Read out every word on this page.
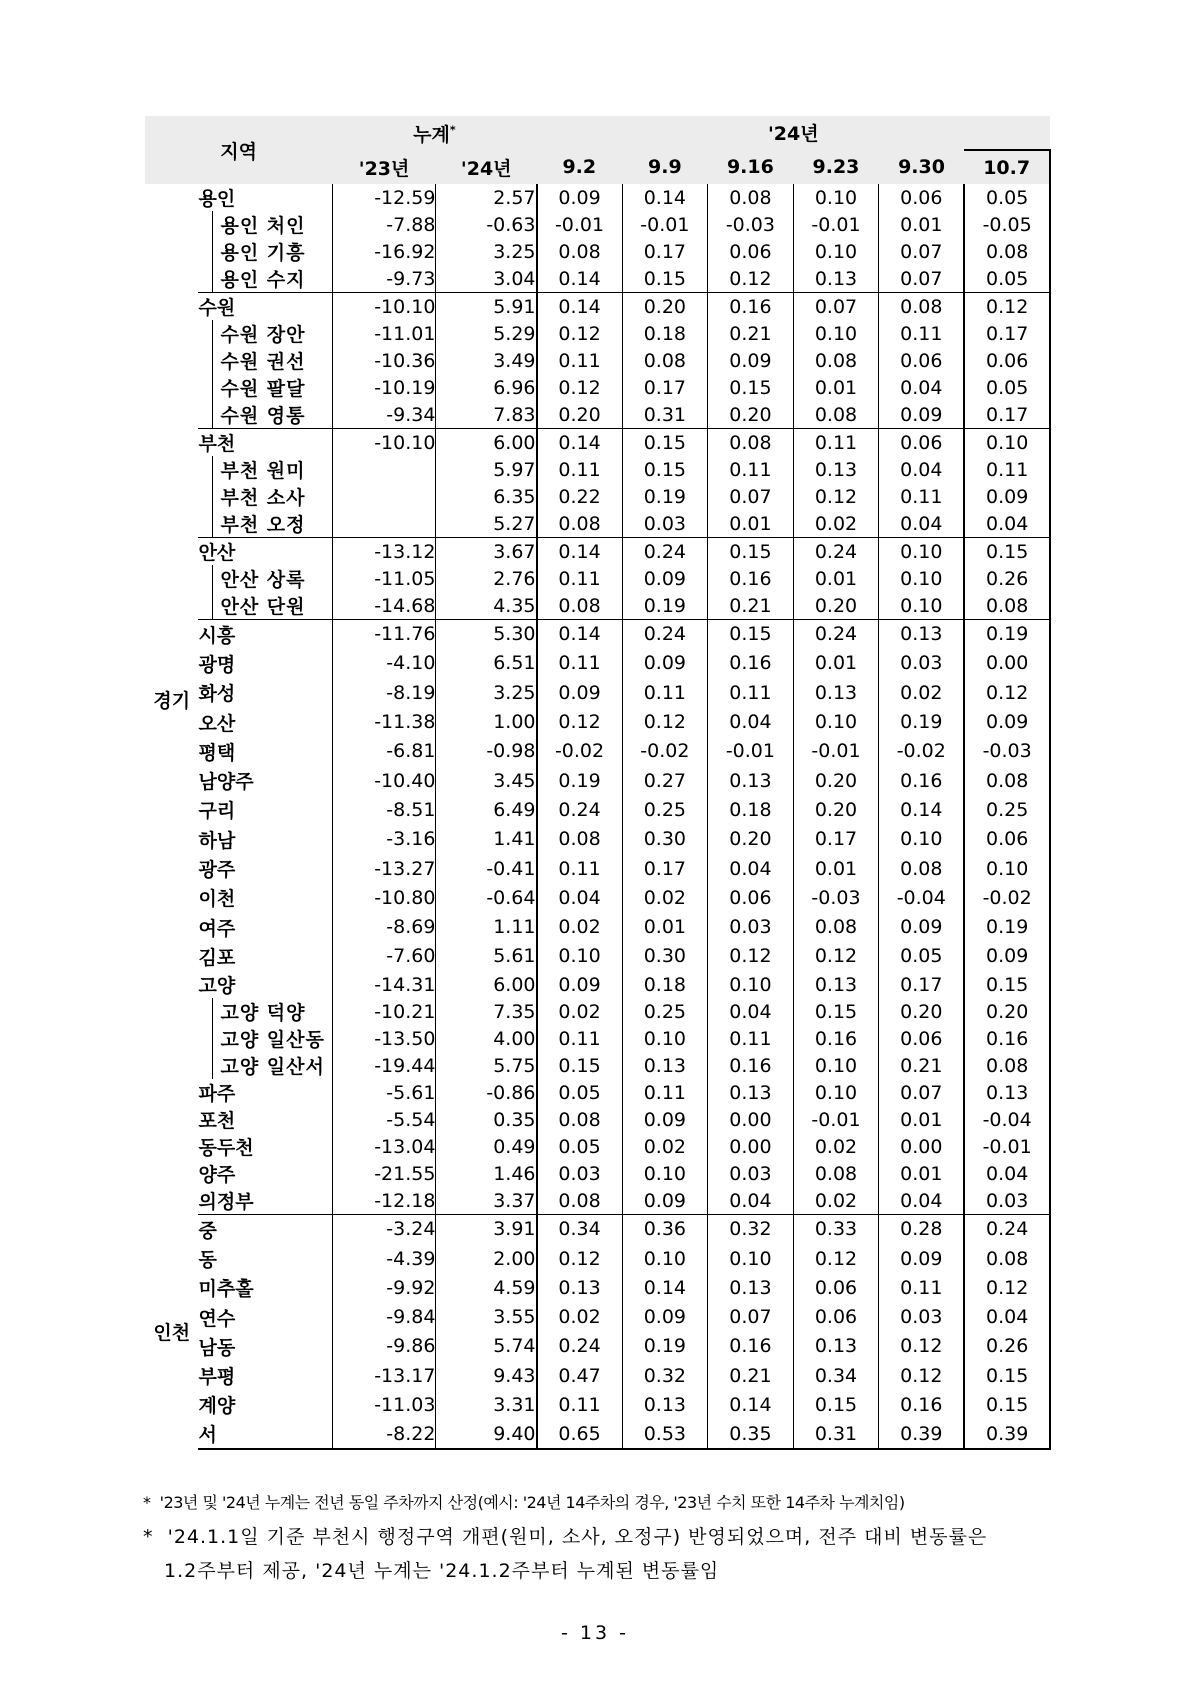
지역		누계*		'24년					
		'23년	'24년	9.2	9.9	9.16	9.23	9.30	10.7
경기	용인	-12.59	2.57	0.09	0.14	0.08	0.10	0.06	0.05
	용인 처인	-7.88	-0.63	-0.01	-0.01	-0.03	-0.01	0.01	-0.05
	용인 기흥	-16.92	3.25	0.08	0.17	0.06	0.10	0.07	0.08
	용인 수지	-9.73	3.04	0.14	0.15	0.12	0.13	0.07	0.05
	수원	-10.10	5.91	0.14	0.20	0.16	0.07	0.08	0.12
	수원 장안	-11.01	5.29	0.12	0.18	0.21	0.10	0.11	0.17
	수원 권선	-10.36	3.49	0.11	0.08	0.09	0.08	0.06	0.06
	수원 팔달	-10.19	6.96	0.12	0.17	0.15	0.01	0.04	0.05
	수원 영통	-9.34	7.83	0.20	0.31	0.20	0.08	0.09	0.17
	부천	-10.10	6.00	0.14	0.15	0.08	0.11	0.06	0.10
	부천 원미		5.97	0.11	0.15	0.11	0.13	0.04	0.11
	부천 소사		6.35	0.22	0.19	0.07	0.12	0.11	0.09
	부천 오정		5.27	0.08	0.03	0.01	0.02	0.04	0.04
	안산	-13.12	3.67	0.14	0.24	0.15	0.24	0.10	0.15
	안산 상록	-11.05	2.76	0.11	0.09	0.16	0.01	0.10	0.26
	안산 단원	-14.68	4.35	0.08	0.19	0.21	0.20	0.10	0.08
	시흥	-11.76	5.30	0.14	0.24	0.15	0.24	0.13	0.19
	광명	-4.10	6.51	0.11	0.09	0.16	0.01	0.03	0.00
	화성	-8.19	3.25	0.09	0.11	0.11	0.13	0.02	0.12
	오산	-11.38	1.00	0.12	0.12	0.04	0.10	0.19	0.09
	평택	-6.81	-0.98	-0.02	-0.02	-0.01	-0.01	-0.02	-0.03
	남양주	-10.40	3.45	0.19	0.27	0.13	0.20	0.16	0.08
	구리	-8.51	6.49	0.24	0.25	0.18	0.20	0.14	0.25
	하남	-3.16	1.41	0.08	0.30	0.20	0.17	0.10	0.06
	광주	-13.27	-0.41	0.11	0.17	0.04	0.01	0.08	0.10
	이천	-10.80	-0.64	0.04	0.02	0.06	-0.03	-0.04	-0.02
	여주	-8.69	1.11	0.02	0.01	0.03	0.08	0.09	0.19
	김포	-7.60	5.61	0.10	0.30	0.12	0.12	0.05	0.09
	고양	-14.31	6.00	0.09	0.18	0.10	0.13	0.17	0.15
	고양 덕양	-10.21	7.35	0.02	0.25	0.04	0.15	0.20	0.20
	고양 일산동	-13.50	4.00	0.11	0.10	0.11	0.16	0.06	0.16
	고양 일산서	-19.44	5.75	0.15	0.13	0.16	0.10	0.21	0.08
	파주	-5.61	-0.86	0.05	0.11	0.13	0.10	0.07	0.13
	포천	-5.54	0.35	0.08	0.09	0.00	-0.01	0.01	-0.04
	동두천	-13.04	0.49	0.05	0.02	0.00	0.02	0.00	-0.01
	양주	-21.55	1.46	0.03	0.10	0.03	0.08	0.01	0.04
	의정부	-12.18	3.37	0.08	0.09	0.04	0.02	0.04	0.03
인천	중	-3.24	3.91	0.34	0.36	0.32	0.33	0.28	0.24
	동	-4.39	2.00	0.12	0.10	0.10	0.12	0.09	0.08
	미추홀	-9.92	4.59	0.13	0.14	0.13	0.06	0.11	0.12
	연수	-9.84	3.55	0.02	0.09	0.07	0.06	0.03	0.04
	남동	-9.86	5.74	0.24	0.19	0.16	0.13	0.12	0.26
	부평	-13.17	9.43	0.47	0.32	0.21	0.34	0.12	0.15
	계양	-11.03	3.31	0.11	0.13	0.14	0.15	0.16	0.15
	서	-8.22	9.40	0.65	0.53	0.35	0.31	0.39	0.39
* '23년 및 '24년 누계는 전년 동일 주차까지 산정(예시: '24년 14주차의 경우, '23년 수치 또한 14주차 누계치임)
* '24.1.1일 기준 부천시 행정구역 개편(원미, 소사, 오정구) 반영되었으며, 전주 대비 변동률은
1.2주부터 제공, '24년 누계는 '24.1.2주부터 누계된 변동률임
- 13 -
